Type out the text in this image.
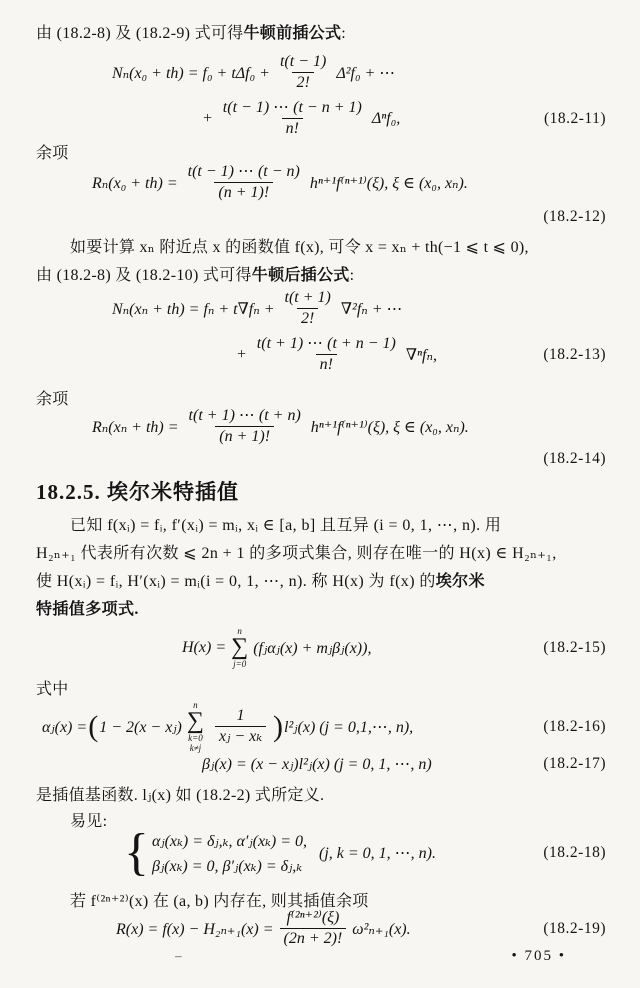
由 (18.2-8) 及 (18.2-9) 式可得 牛顿前插公式 :
$N_n(x_0 + th) = f_0 + t\Delta f_0 + \frac{t(t - 1)}{2!} \Delta^2f_0$ + ⋯
+ $\frac{t(t - 1) \cdots (t - n + 1)}{n!} \Delta^nf_0$,	(18.2-11)
余项
$R_n(x_0 + th) = \frac{t(t - 1) \cdots (t - n)}{(n + 1)!} h^{n+1}f^{(n+1)}(\xi)$, ξ ∈ (x₀, xₙ).
(18.2-12)
如要计算 xₙ 附近点 x 的函数值 f(x), 可令 x = xₙ + th(−1 ⩽ t ⩽ 0),
由 (18.2-8) 及 (18.2-10) 式可得 牛顿后插公式 :
$N_n(x_n + th) = f_n + t\nabla f_n + \frac{t(t + 1)}{2!} \nabla^2f_n$ + ⋯
+ $\frac{t(t + 1) \cdots (t + n - 1)}{n!} \nabla^nf_n$,	(18.2-13)
余项
$R_n(x_n + th) = \frac{t(t + 1) \cdots (t + n)}{(n + 1)!} h^{n+1}f^{(n+1)}(\xi)$, ξ ∈ (x₀, xₙ).
(18.2-14)
18.2.5. 埃尔米特插值
已知 f(xᵢ) = fᵢ, f′(xᵢ) = mᵢ, xᵢ ∈ [a, b] 且互异 (i = 0, 1, ⋯, n). 用
H₂ₙ₊₁ 代表所有次数 ⩽ 2n + 1 的多项式集合, 则存在唯一的 H(x) ∈ H₂ₙ₊₁,
使 H(xᵢ) = fᵢ, H′(xᵢ) = mᵢ(i = 0, 1, ⋯, n). 称 H(x) 为 f(x) 的埃尔米
特插值多项式.
H(x) =
n
∑
j=0
(fⱼαⱼ(x) + mⱼβⱼ(x)),	(18.2-15)
式中
αⱼ(x) = ( 1 − 2(x − xⱼ)
n
∑
k=0
k≠j
$\frac{1}{\text{xⱼ − xₖ}}$ ) l²ⱼ(x) (j = 0,1,⋯, n),	(18.2-16)
βⱼ(x) = (x − xⱼ)l²ⱼ(x) (j = 0, 1, ⋯, n)	(18.2-17)
是插值基函数. lⱼ(x) 如 (18.2-2) 式所定义.
易见:
{ αⱼ(xₖ) = δⱼ,ₖ, α′ⱼ(xₖ) = 0,
βⱼ(xₖ) = 0, β′ⱼ(xₖ) = δⱼ,ₖ
(j, k = 0, 1, ⋯, n).	(18.2-18)
若 f⁽²ⁿ⁺²⁾(x) 在 (a, b) 内存在, 则其插值余项
$R(x) = f(x) - H_{2n+1}(x) = \frac{\text{f⁽²ⁿ⁺²⁾(ξ)}}{(2n + 2)!} \omega^2_{n+1}(x)$.	(18.2-19)
–	• 705 •
